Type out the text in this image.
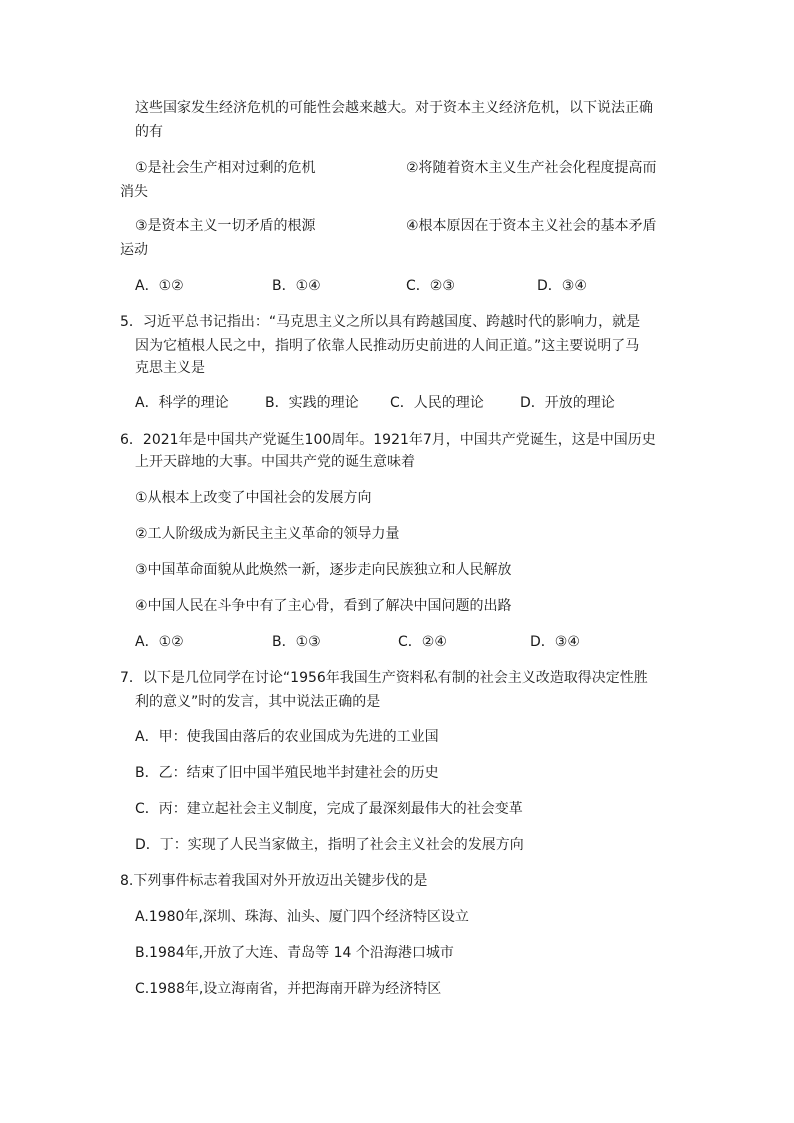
这些国家发生经济危机的可能性会越来越大。对于资本主义经济危机，以下说法正确
的有
①是社会生产相对过剩的危机	②将随着资木主义生产社会化程度提高而
消失
③是资本主义一切矛盾的根源	④根本原因在于资本主义社会的基本矛盾
运动
A．①②	B．①④	C．②③	D．③④
5．习近平总书记指出：“马克思主义之所以具有跨越国度、跨越时代的影响力，就是
因为它植根人民之中，指明了依靠人民推动历史前进的人间正道。”这主要说明了马
克思主义是
A．科学的理论	B．实践的理论 C．人民的理论	D．开放的理论
6．2021年是中国共产党诞生100周年。1921年7月，中国共产党诞生，这是中国历史
上开天辟地的大事。中国共产党的诞生意味着
①从根本上改变了中国社会的发展方向
②工人阶级成为新民主主义革命的领导力量
③中国革命面貌从此焕然一新，逐步走向民族独立和人民解放
④中国人民在斗争中有了主心骨，看到了解决中国问题的出路
A．①②	B．①③	C．②④	D．③④
7．以下是几位同学在讨论“1956年我国生产资料私有制的社会主义改造取得决定性胜
利的意义”时的发言，其中说法正确的是
A．甲：使我国由落后的农业国成为先进的工业国
B．乙：结束了旧中国半殖民地半封建社会的历史
C．丙：建立起社会主义制度，完成了最深刻最伟大的社会变革
D．丁：实现了人民当家做主，指明了社会主义社会的发展方向
8.下列事件标志着我国对外开放迈出关键步伐的是
A.1980年,深圳、珠海、汕头、厦门四个经济特区设立
B.1984年,开放了大连、青岛等 14 个沿海港口城市
C.1988年,设立海南省，并把海南开辟为经济特区
